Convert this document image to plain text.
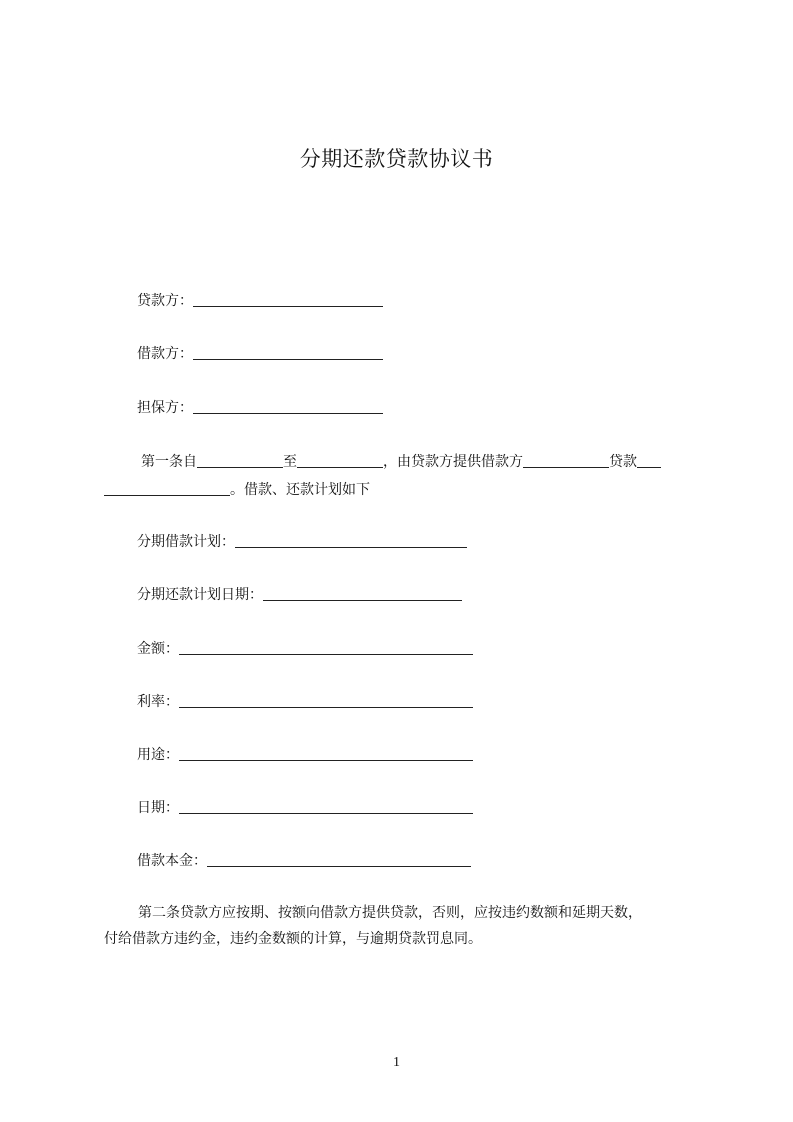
分期还款贷款协议书
贷款方：
借款方：
担保方：
第一条自	至	，由贷款方提供借款方	贷款
。借款、还款计划如下
分期借款计划：
分期还款计划日期：
金额：
利率：
用途：
日期：
借款本金：
第二条贷款方应按期、按额向借款方提供贷款，否则，应按违约数额和延期天数，
付给借款方违约金，违约金数额的计算，与逾期贷款罚息同。
1
